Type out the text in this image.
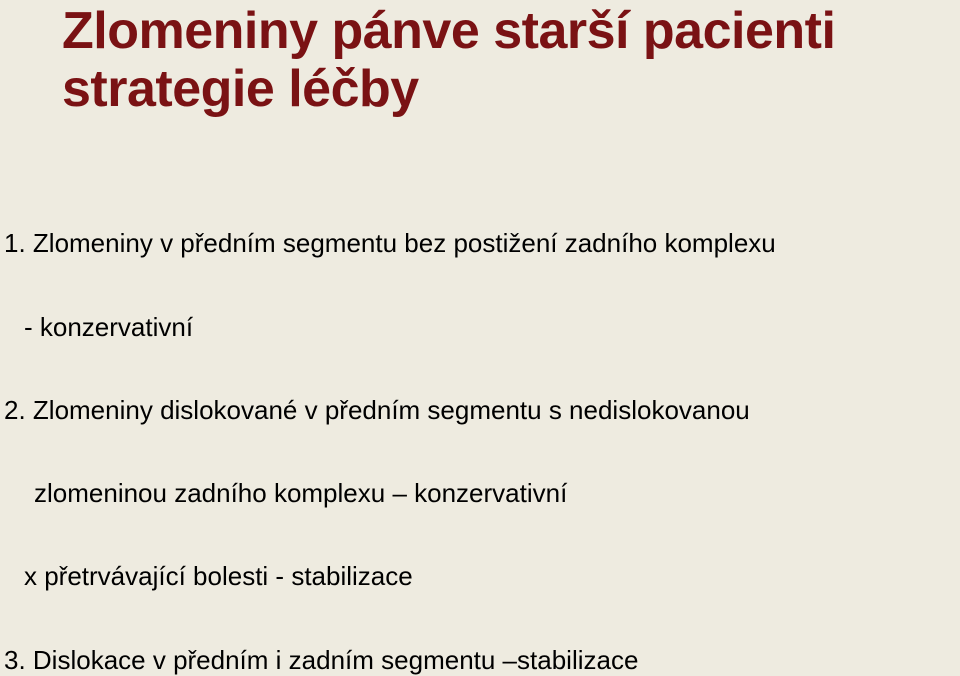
Zlomeniny pánve starší pacienti
strategie léčby

1. Zlomeniny v předním segmentu bez postižení zadního komplexu

- konzervativní

2. Zlomeniny dislokované v předním segmentu s nedislokovanou

zlomeninou zadního komplexu – konzervativní

x přetrvávající bolesti - stabilizace

3. Dislokace v předním i zadním segmentu –stabilizace
